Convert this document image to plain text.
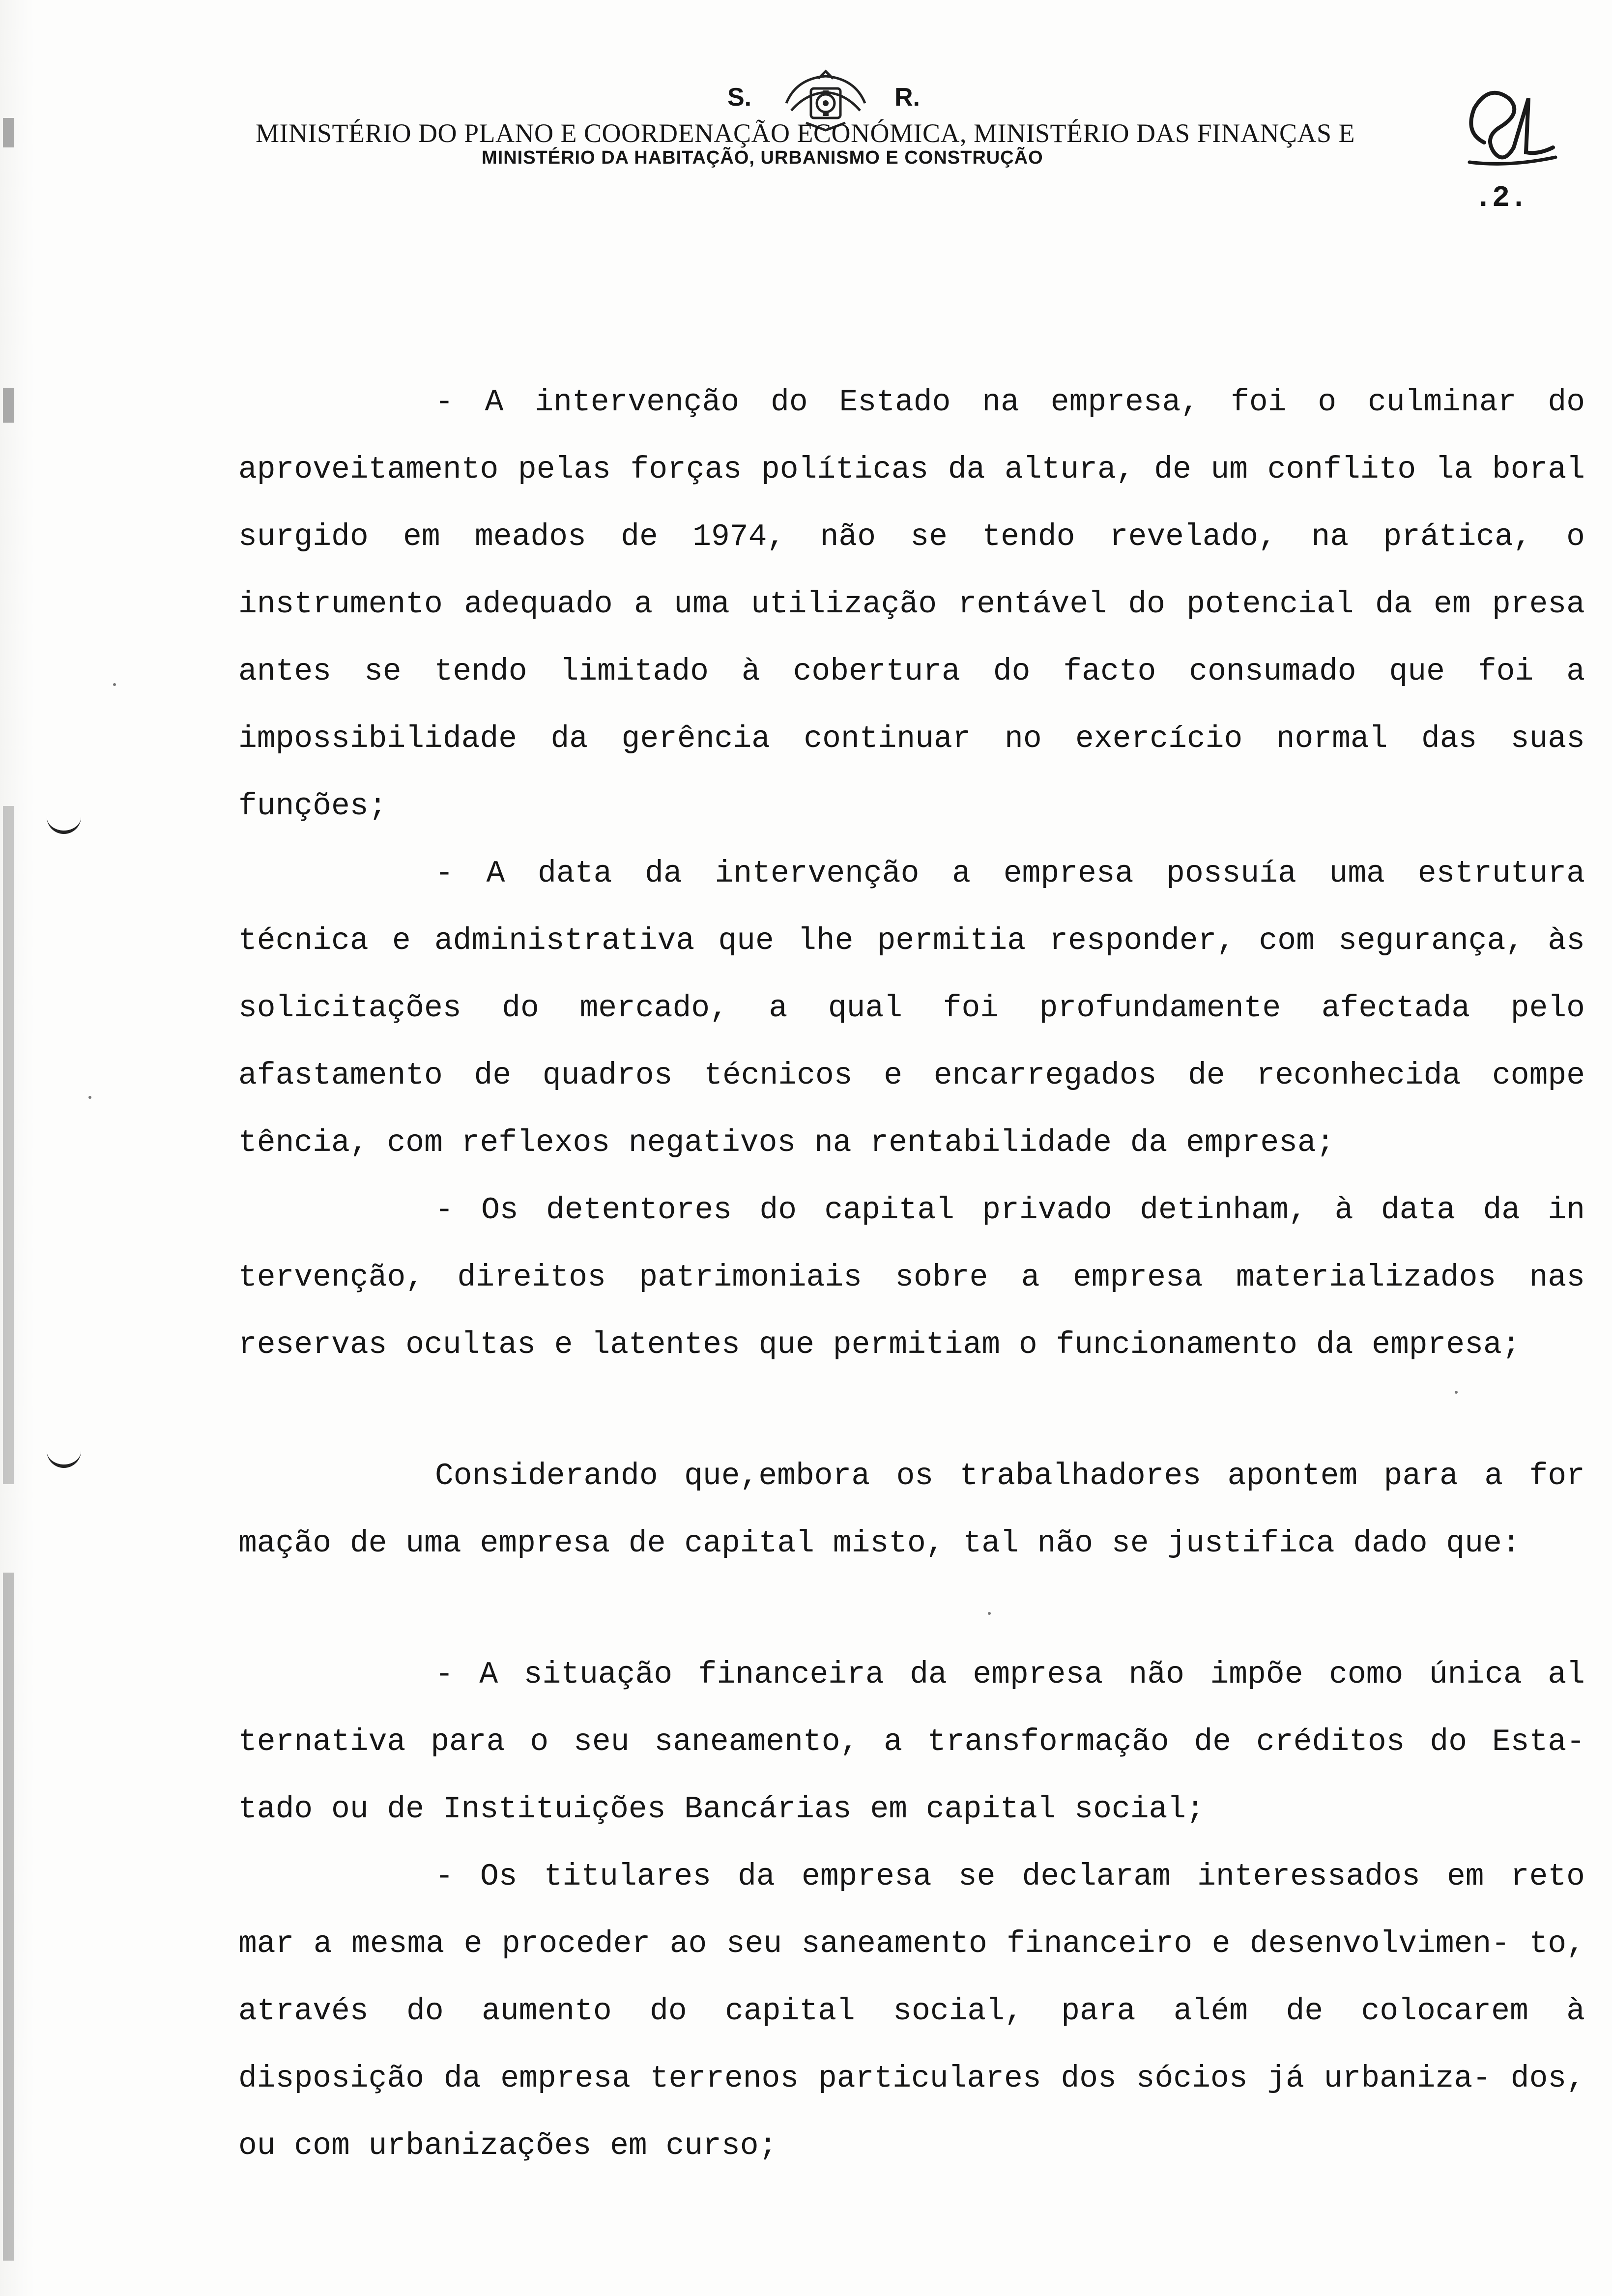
S.	R.
MINISTÉRIO DO PLANO E COORDENAÇÃO ECONÓMICA, MINISTÉRIO DAS FINANÇAS E
MINISTÉRIO DA HABITAÇÃO, URBANISMO E CONSTRUÇÃO
.2.

- A intervenção do Estado na empresa, foi o culminar do aproveitamento pelas forças políticas da altura, de um conflito la boral surgido em meados de 1974, não se tendo revelado, na prática, o instrumento adequado a uma utilização rentável do potencial da em presa antes se tendo limitado à cobertura do facto consumado que foi a impossibilidade da gerência continuar no exercício normal das suas funções;

- A data da intervenção a empresa possuía uma estrutura técnica e administrativa que lhe permitia responder, com segurança, às solicitações do mercado, a qual foi profundamente afectada pelo afastamento de quadros técnicos e encarregados de reconhecida compe tência, com reflexos negativos na rentabilidade da empresa;

- Os detentores do capital privado detinham, à data da in tervenção, direitos patrimoniais sobre a empresa materializados nas reservas ocultas e latentes que permitiam o funcionamento da empresa;

Considerando que,embora os trabalhadores apontem para a for mação de uma empresa de capital misto, tal não se justifica dado que:

- A situação financeira da empresa não impõe como única al ternativa para o seu saneamento, a transformação de créditos do Esta- tado ou de Instituições Bancárias em capital social;

- Os titulares da empresa se declaram interessados em reto mar a mesma e proceder ao seu saneamento financeiro e desenvolvimen- to, através do aumento do capital social, para além de colocarem à disposição da empresa terrenos particulares dos sócios já urbaniza- dos, ou com urbanizações em curso;
